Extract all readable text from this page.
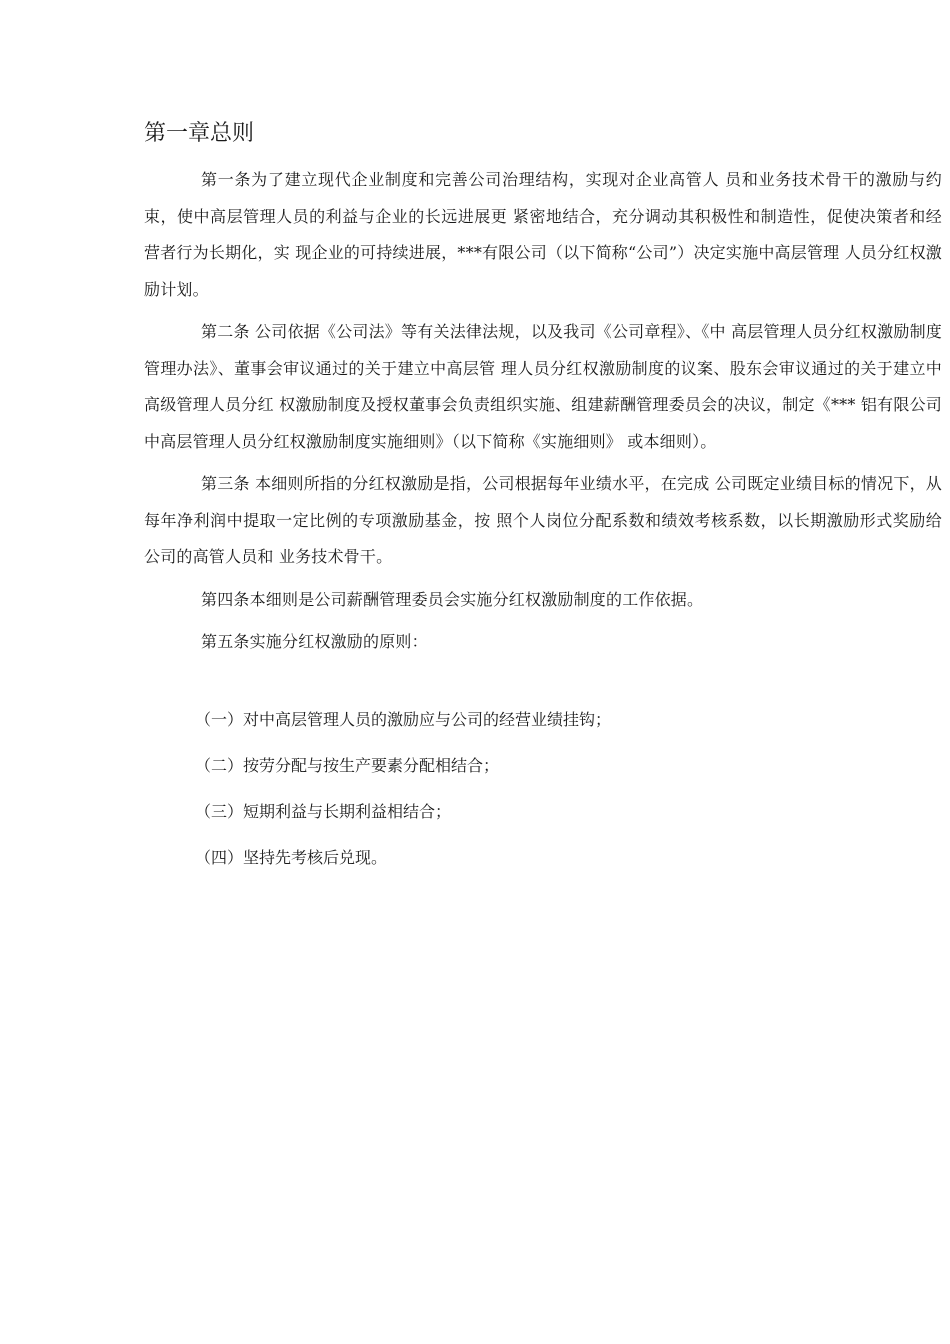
第一章总则

第一条为了建立现代企业制度和完善公司治理结构，实现对企业高管人 员和业务技术骨干的激励与约束，使中高层管理人员的利益与企业的长远进展更 紧密地结合，充分调动其积极性和制造性，促使决策者和经营者行为长期化，实 现企业的可持续进展，***有限公司（以下简称“公司”）决定实施中高层管理 人员分红权激励计划。

第二条 公司依据《公司法》等有关法律法规，以及我司《公司章程》、《中 高层管理人员分红权激励制度管理办法》、董事会审议通过的关于建立中高层管 理人员分红权激励制度的议案、股东会审议通过的关于建立中高级管理人员分红 权激励制度及授权董事会负责组织实施、组建薪酬管理委员会的决议，制定《*** 铝有限公司中高层管理人员分红权激励制度实施细则》（以下简称《实施细则》 或本细则）。

第三条 本细则所指的分红权激励是指，公司根据每年业绩水平，在完成 公司既定业绩目标的情况下，从每年净利润中提取一定比例的专项激励基金，按 照个人岗位分配系数和绩效考核系数，以长期激励形式奖励给公司的高管人员和 业务技术骨干。

第四条本细则是公司薪酬管理委员会实施分红权激励制度的工作依据。

第五条实施分红权激励的原则：

（一）对中高层管理人员的激励应与公司的经营业绩挂钩；

（二）按劳分配与按生产要素分配相结合；

（三）短期利益与长期利益相结合；

（四）坚持先考核后兑现。
